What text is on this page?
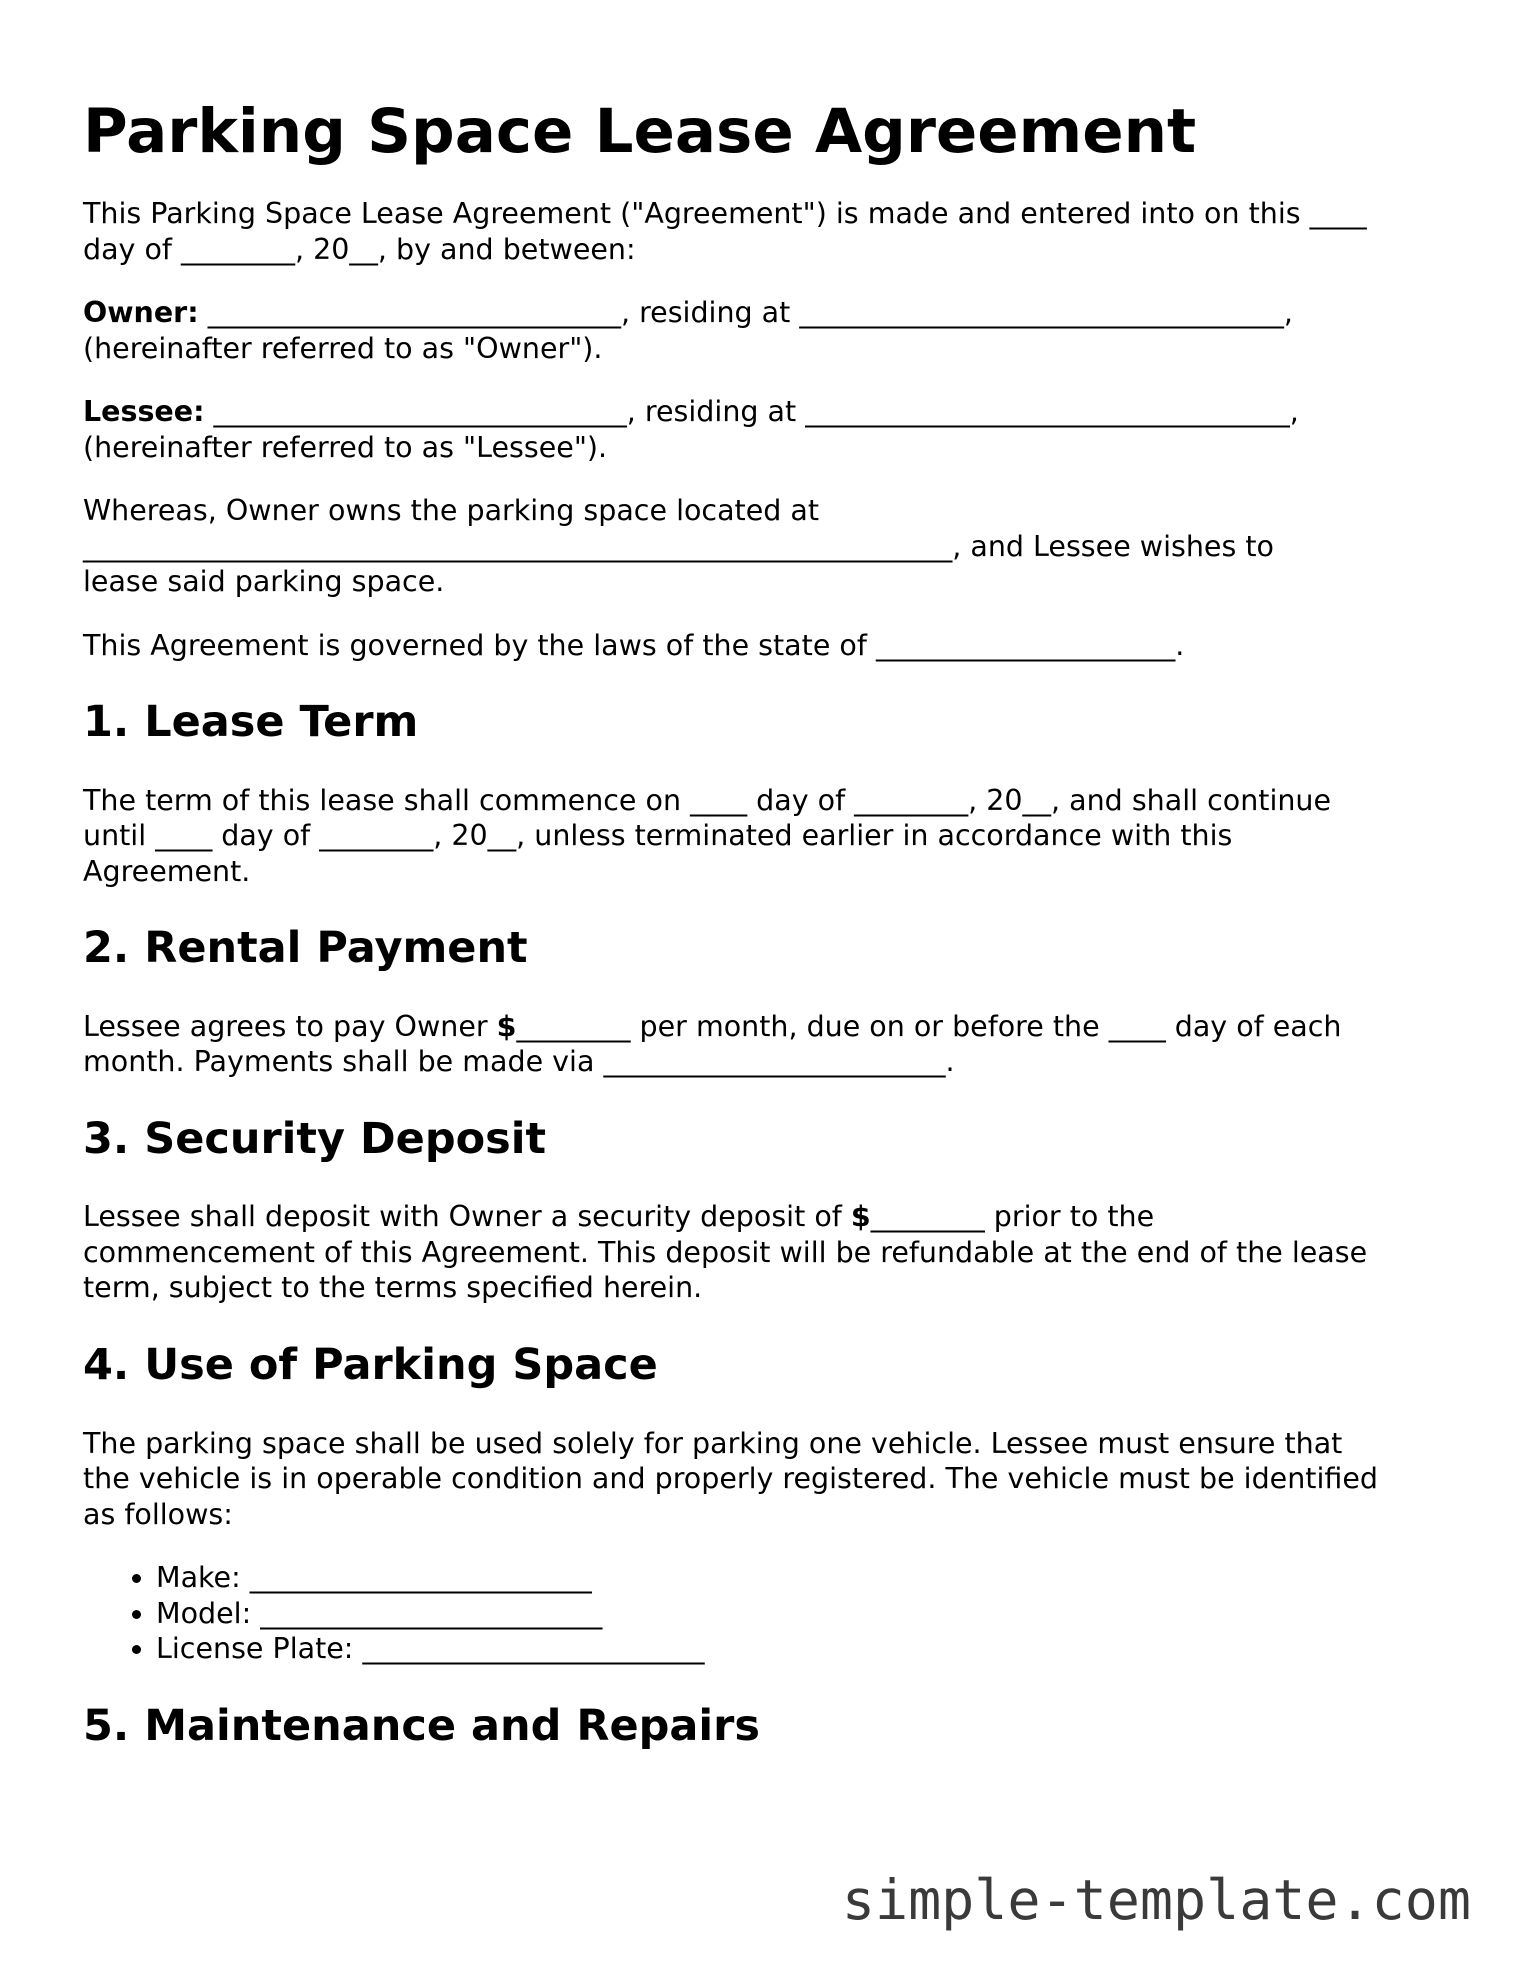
Parking Space Lease Agreement

This Parking Space Lease Agreement ("Agreement") is made and entered into on this ____
day of ________, 20__, by and between:

Owner: _____________________________, residing at __________________________________,
(hereinafter referred to as "Owner").

Lessee: _____________________________, residing at __________________________________,
(hereinafter referred to as "Lessee").

Whereas, Owner owns the parking space located at
_____________________________________________________________, and Lessee wishes to
lease said parking space.

This Agreement is governed by the laws of the state of _____________________.

1. Lease Term

The term of this lease shall commence on ____ day of ________, 20__, and shall continue
until ____ day of ________, 20__, unless terminated earlier in accordance with this
Agreement.

2. Rental Payment

Lessee agrees to pay Owner $________ per month, due on or before the ____ day of each
month. Payments shall be made via ________________________.

3. Security Deposit

Lessee shall deposit with Owner a security deposit of $________ prior to the
commencement of this Agreement. This deposit will be refundable at the end of the lease
term, subject to the terms specified herein.

4. Use of Parking Space

The parking space shall be used solely for parking one vehicle. Lessee must ensure that
the vehicle is in operable condition and properly registered. The vehicle must be identified
as follows:

• Make: ________________________
• Model: ________________________
• License Plate: ________________________
5. Maintenance and Repairs
simple-template.com
